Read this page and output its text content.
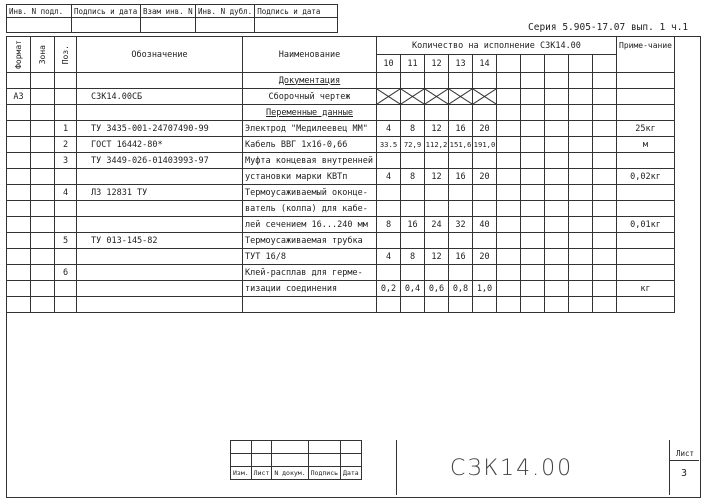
Инв. N подл.	Подпись и дата	Взам инв. N	Инв. N дубл.	Подпись и дата

Серия 5.905-17.07 вып. 1 ч.1
Формат	Зона	Поз.	Обозначение	Наименование	Количество на исполнение СЗК14.00										Приме-чание
					10	11	12	13	14						
				Документация											
А3			СЗК14.00СБ	Сборочный чертеж	

				Переменные данные											
		1	ТУ 3435-001-24707490-99	Электрод "Медилеевец ММ"	4	8	12	16	20						25кг
		2	ГОСТ 16442-80*	Кабель ВВГ 1х16-0,66	33.5	72,9	112,2	151,6	191,0						м
		3	ТУ 3449-026-01403993-97	Муфта концевая внутренней											
				установки марки КВТп	4	8	12	16	20						0,02кг
		4	ЛЗ 12831 ТУ	Термоусаживаемый оконце-											
				ватель (колпа) для кабе-											
				лей сечением 16...240 мм	8	16	24	32	40						0,01кг
		5	ТУ 013-145-82	Термоусаживаемая трубка											
				ТУТ 16/8	4	8	12	16	20						
		6		Клей-расплав для герме-											
				тизации соединения	0,2	0,4	0,6	0,8	1,0						кг

Изм.	Лист	N докум.	Подпись	Дата	СЗК14.00
Лист
3
